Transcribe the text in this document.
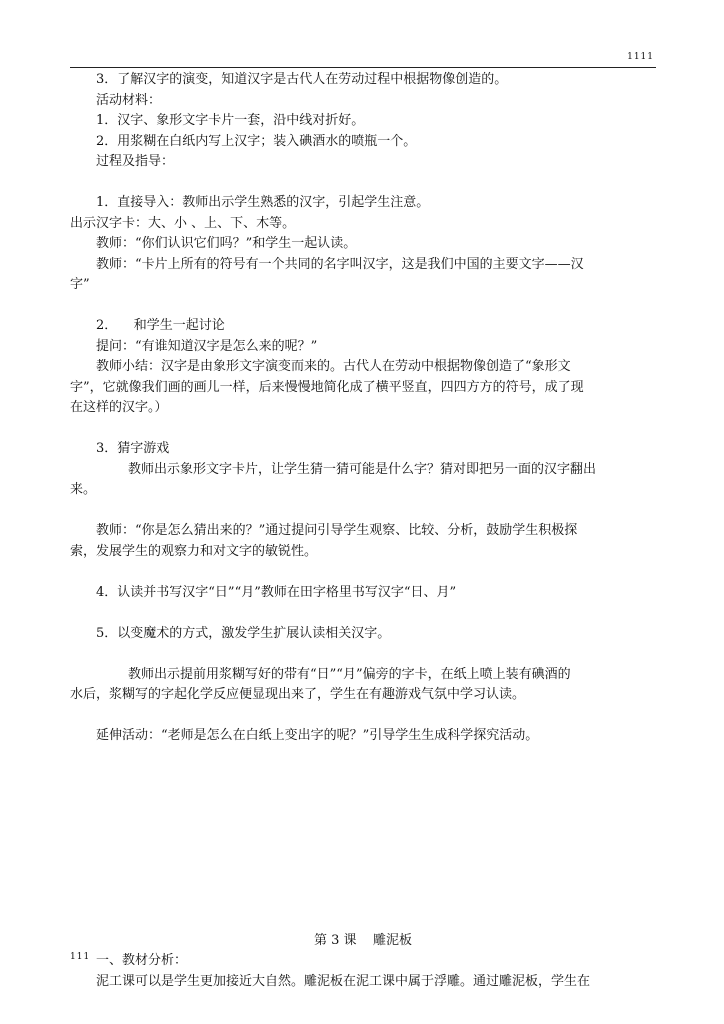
1111

3．了解汉字的演变，知道汉字是古代人在劳动过程中根据物像创造的。

活动材料：

1．汉字、象形文字卡片一套，沿中线对折好。

2．用浆糊在白纸内写上汉字；装入碘酒水的喷瓶一个。

过程及指导：

1．直接导入：教师出示学生熟悉的汉字，引起学生注意。

出示汉字卡：大、小 、上、下、木等。

教师：“你们认识它们吗？”和学生一起认读。

教师：“卡片上所有的符号有一个共同的名字叫汉字，这是我们中国的主要文字——汉

字”

2．    和学生一起讨论

提问：“有谁知道汉字是怎么来的呢？”

教师小结：汉字是由象形文字演变而来的。古代人在劳动中根据物像创造了“象形文

字”，它就像我们画的画儿一样，后来慢慢地简化成了横平竖直，四四方方的符号，成了现

在这样的汉字。）

3．猜字游戏

教师出示象形文字卡片，让学生猜一猜可能是什么字？猜对即把另一面的汉字翻出

来。

教师：“你是怎么猜出来的？”通过提问引导学生观察、比较、分析，鼓励学生积极探

索，发展学生的观察力和对文字的敏锐性。

4．认读并书写汉字“日”“月”教师在田字格里书写汉字“日、月”

5．以变魔术的方式，激发学生扩展认读相关汉字。

教师出示提前用浆糊写好的带有“日”“月”偏旁的字卡，在纸上喷上装有碘酒的

水后，浆糊写的字起化学反应便显现出来了，学生在有趣游戏气氛中学习认读。

延伸活动：“老师是怎么在白纸上变出字的呢？”引导学生生成科学探究活动。

第 3 课    雕泥板

一、教材分析：

泥工课可以是学生更加接近大自然。雕泥板在泥工课中属于浮雕。通过雕泥板，学生在

111
